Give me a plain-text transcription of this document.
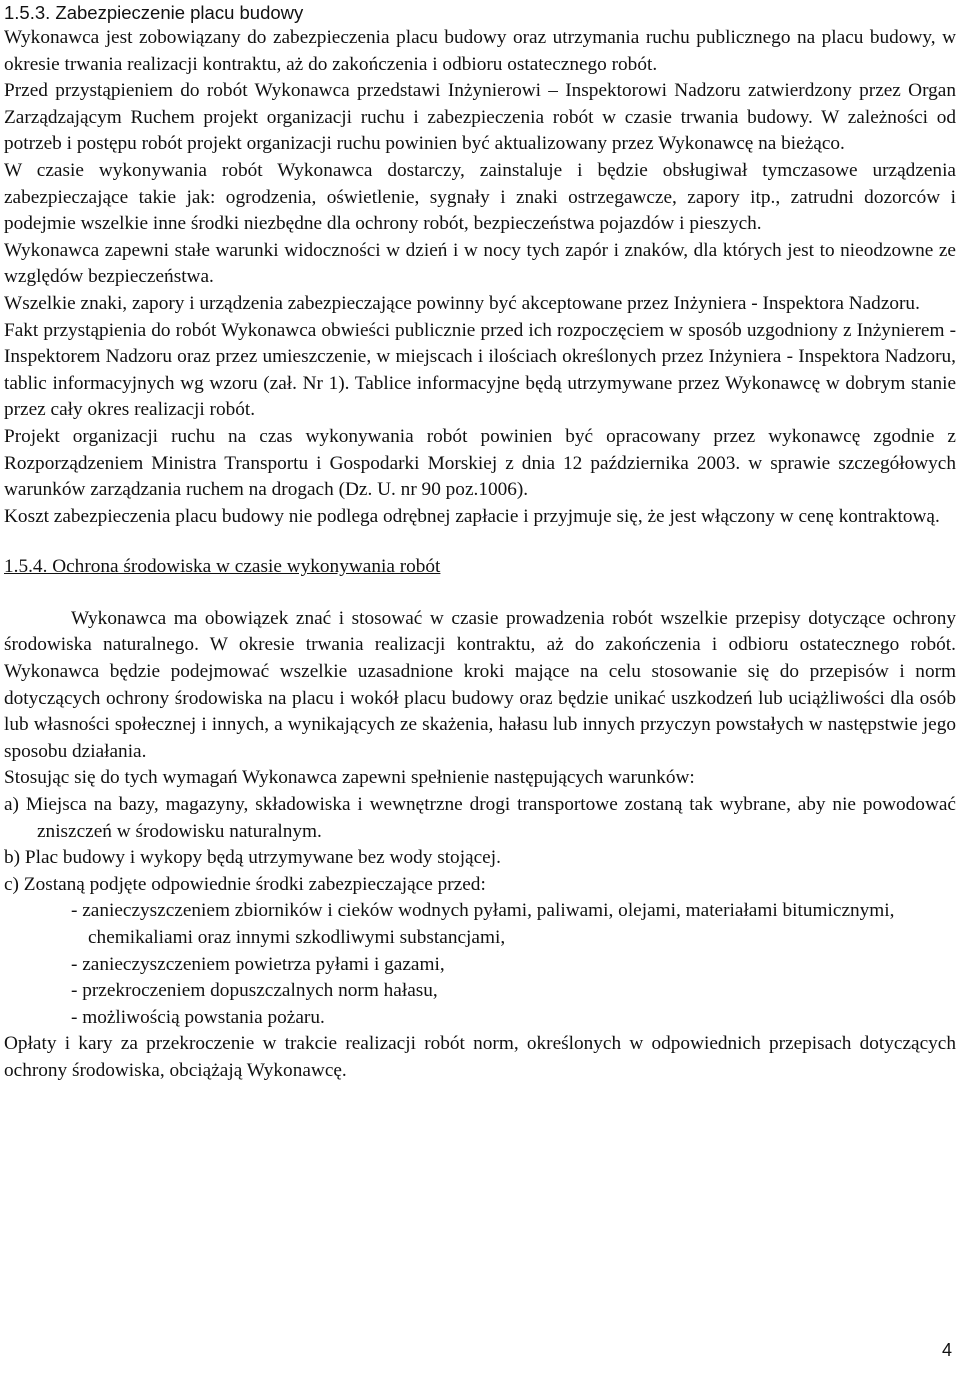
1.5.3. Zabezpieczenie placu budowy

Wykonawca jest zobowiązany do zabezpieczenia placu budowy oraz utrzymania ruchu publicznego na placu budowy, w okresie trwania realizacji kontraktu, aż do zakończenia i odbioru ostatecznego robót.

Przed przystąpieniem do robót Wykonawca przedstawi Inżynierowi – Inspektorowi Nadzoru zatwierdzony przez Organ Zarządzającym Ruchem projekt organizacji ruchu i zabezpieczenia robót w czasie trwania budowy. W zależności od potrzeb i postępu robót projekt organizacji ruchu powinien być aktualizowany przez Wykonawcę na bieżąco.

W czasie wykonywania robót Wykonawca dostarczy, zainstaluje i będzie obsługiwał tymczasowe urządzenia zabezpieczające takie jak: ogrodzenia, oświetlenie, sygnały i znaki ostrzegawcze, zapory itp., zatrudni dozorców i podejmie wszelkie inne środki niezbędne dla ochrony robót, bezpieczeństwa pojazdów i pieszych.

Wykonawca zapewni stałe warunki widoczności w dzień i w nocy tych zapór i znaków, dla których jest to nieodzowne ze względów bezpieczeństwa.

Wszelkie znaki, zapory i urządzenia zabezpieczające powinny być akceptowane przez Inżyniera - Inspektora Nadzoru.

Fakt przystąpienia do robót Wykonawca obwieści publicznie przed ich rozpoczęciem w sposób uzgodniony z Inżynierem - Inspektorem Nadzoru oraz przez umieszczenie, w miejscach i ilościach określonych przez Inżyniera - Inspektora Nadzoru, tablic informacyjnych wg wzoru (zał. Nr 1). Tablice informacyjne będą utrzymywane przez Wykonawcę w dobrym stanie przez cały okres realizacji robót.

Projekt organizacji ruchu na czas wykonywania robót powinien być opracowany przez wykonawcę zgodnie z Rozporządzeniem Ministra Transportu i Gospodarki Morskiej z dnia 12 października 2003. w sprawie szczegółowych warunków zarządzania ruchem na drogach (Dz. U. nr 90 poz.1006).

Koszt zabezpieczenia placu budowy nie podlega odrębnej zapłacie i przyjmuje się, że jest włączony w cenę kontraktową.

1.5.4. Ochrona środowiska w czasie wykonywania robót

Wykonawca ma obowiązek znać i stosować w czasie prowadzenia robót wszelkie przepisy dotyczące ochrony środowiska naturalnego. W okresie trwania realizacji kontraktu, aż do zakończenia i odbioru ostatecznego robót. Wykonawca będzie podejmować wszelkie uzasadnione kroki mające na celu stosowanie się do przepisów i norm dotyczących ochrony środowiska na placu i wokół placu budowy oraz będzie unikać uszkodzeń lub uciążliwości dla osób lub własności społecznej i innych, a wynikających ze skażenia, hałasu lub innych przyczyn powstałych w następstwie jego sposobu działania.

Stosując się do tych wymagań Wykonawca zapewni spełnienie następujących warunków:

a) Miejsca na bazy, magazyny, składowiska i wewnętrzne drogi transportowe zostaną tak wybrane, aby nie powodować zniszczeń w środowisku naturalnym.

b) Plac budowy i wykopy będą utrzymywane bez wody stojącej.

c) Zostaną podjęte odpowiednie środki zabezpieczające przed:

- zanieczyszczeniem zbiorników i cieków wodnych pyłami, paliwami, olejami, materiałami bitumicznymi, chemikaliami oraz innymi szkodliwymi substancjami,

- zanieczyszczeniem powietrza pyłami i gazami,

- przekroczeniem dopuszczalnych norm hałasu,

- możliwością powstania pożaru.

Opłaty i kary za przekroczenie w trakcie realizacji robót norm, określonych w odpowiednich przepisach dotyczących ochrony środowiska, obciążają Wykonawcę.

4
